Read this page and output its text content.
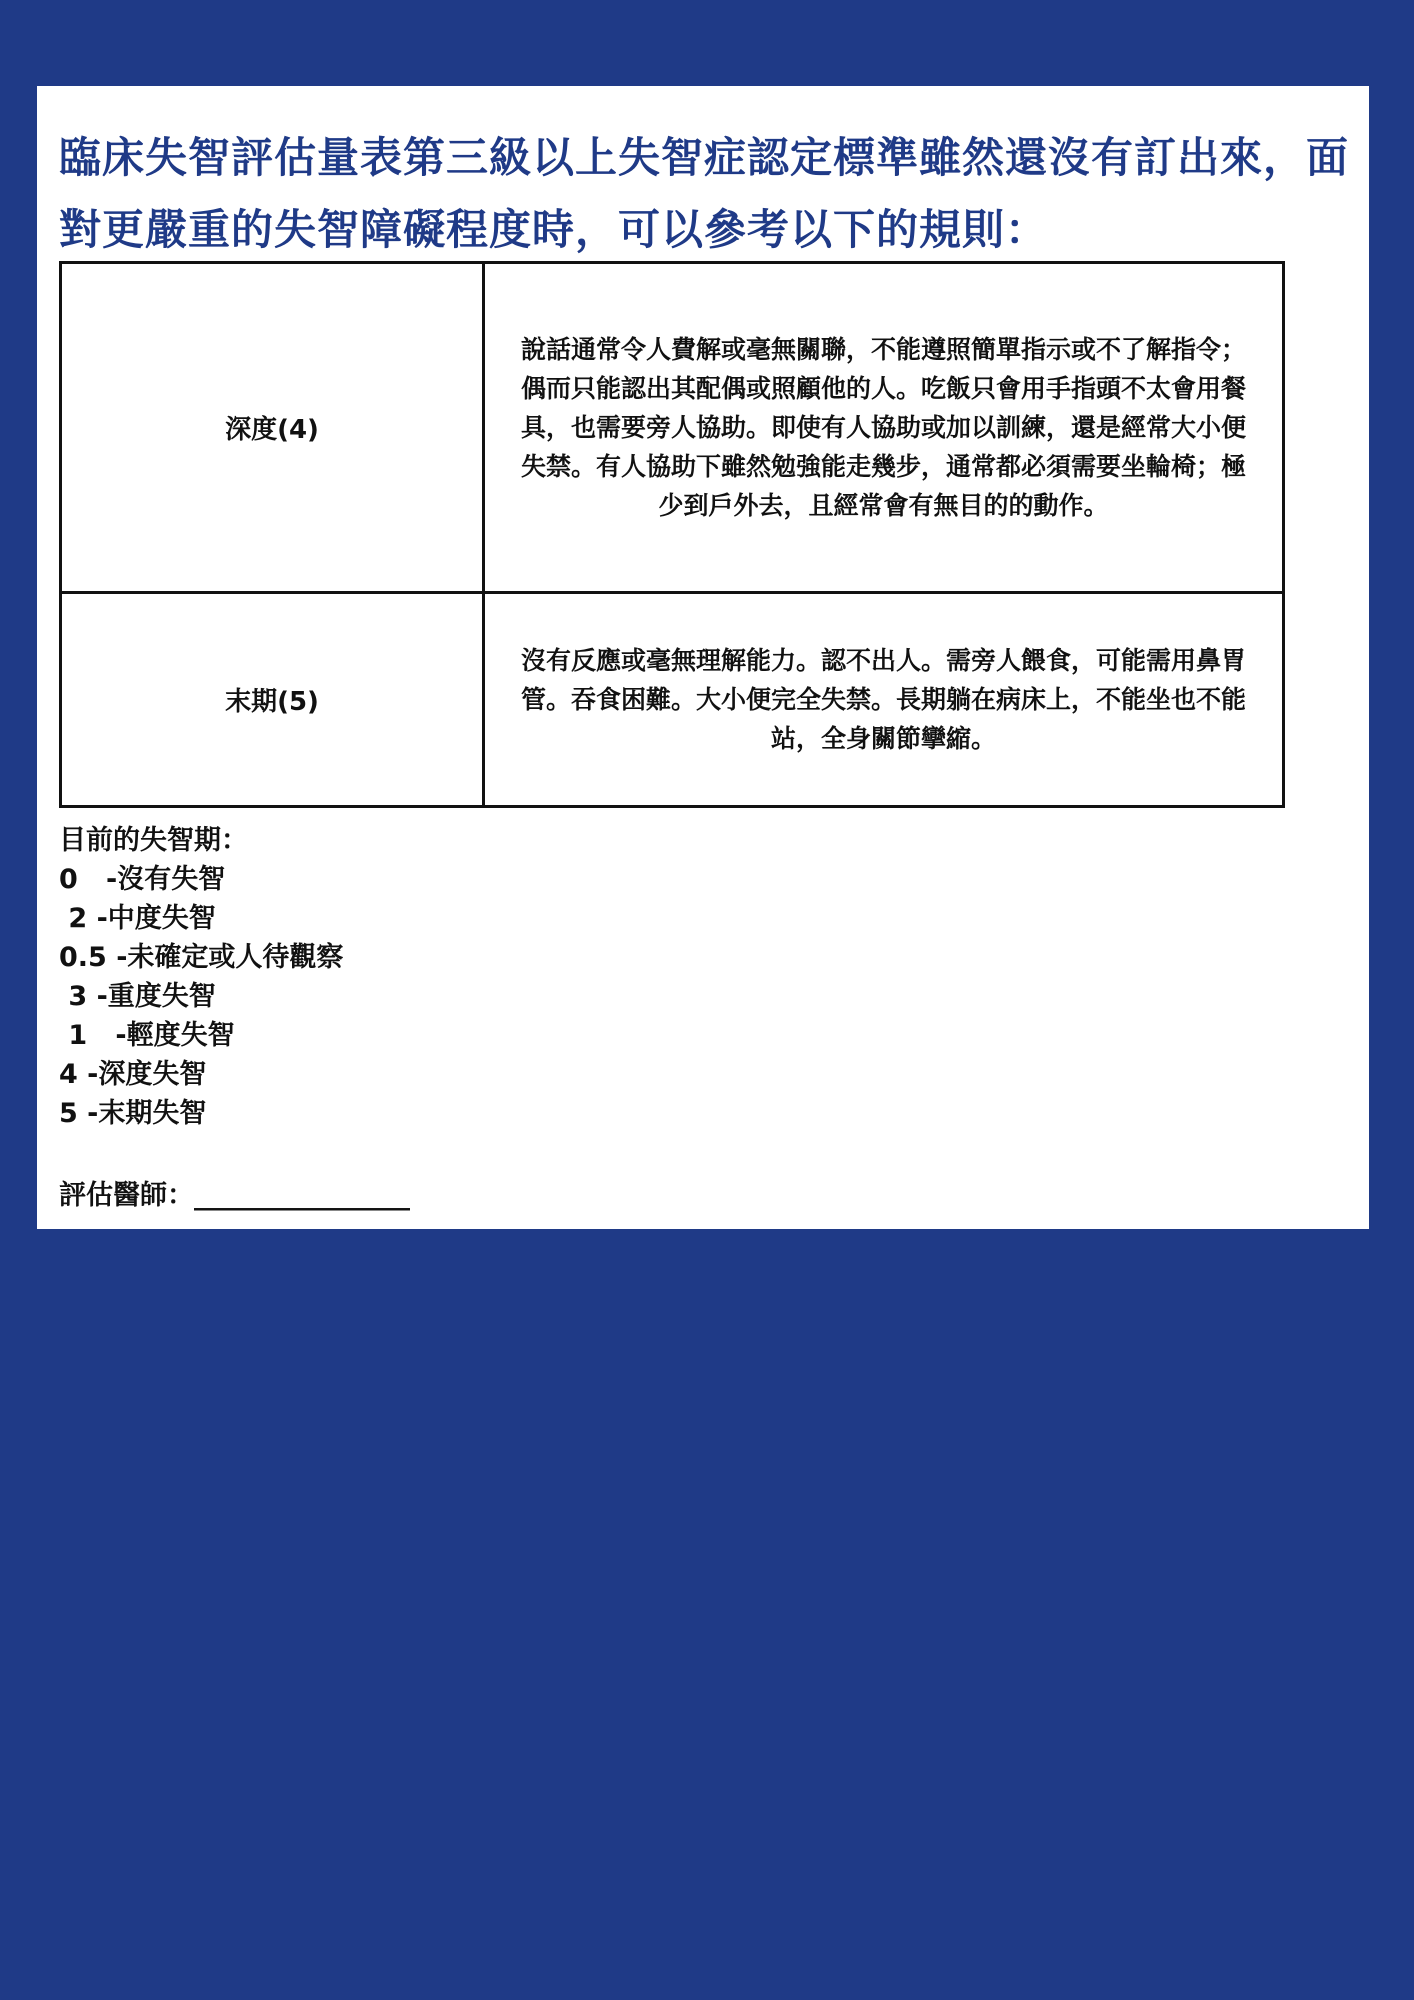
臨床失智評估量表第三級以上失智症認定標準雖然還沒有訂出來，面對更嚴重的失智障礙程度時，可以參考以下的規則：
深度(4)	說話通常令人費解或毫無關聯，不能遵照簡單指示或不了解指令；偶而只能認出其配偶或照顧他的人。吃飯只會用手指頭不太會用餐具，也需要旁人協助。即使有人協助或加以訓練，還是經常大小便失禁。有人協助下雖然勉強能走幾步，通常都必須需要坐輪椅；極少到戶外去，且經常會有無目的的動作。
末期(5)	沒有反應或毫無理解能力。認不出人。需旁人餵食，可能需用鼻胃管。吞食困難。大小便完全失禁。長期躺在病床上，不能坐也不能站，全身關節攣縮。
目前的失智期：
0   -沒有失智
2 -中度失智
0.5 -未確定或人待觀察
3 -重度失智
1   -輕度失智
4 -深度失智
5 -末期失智
評估醫師：________________
